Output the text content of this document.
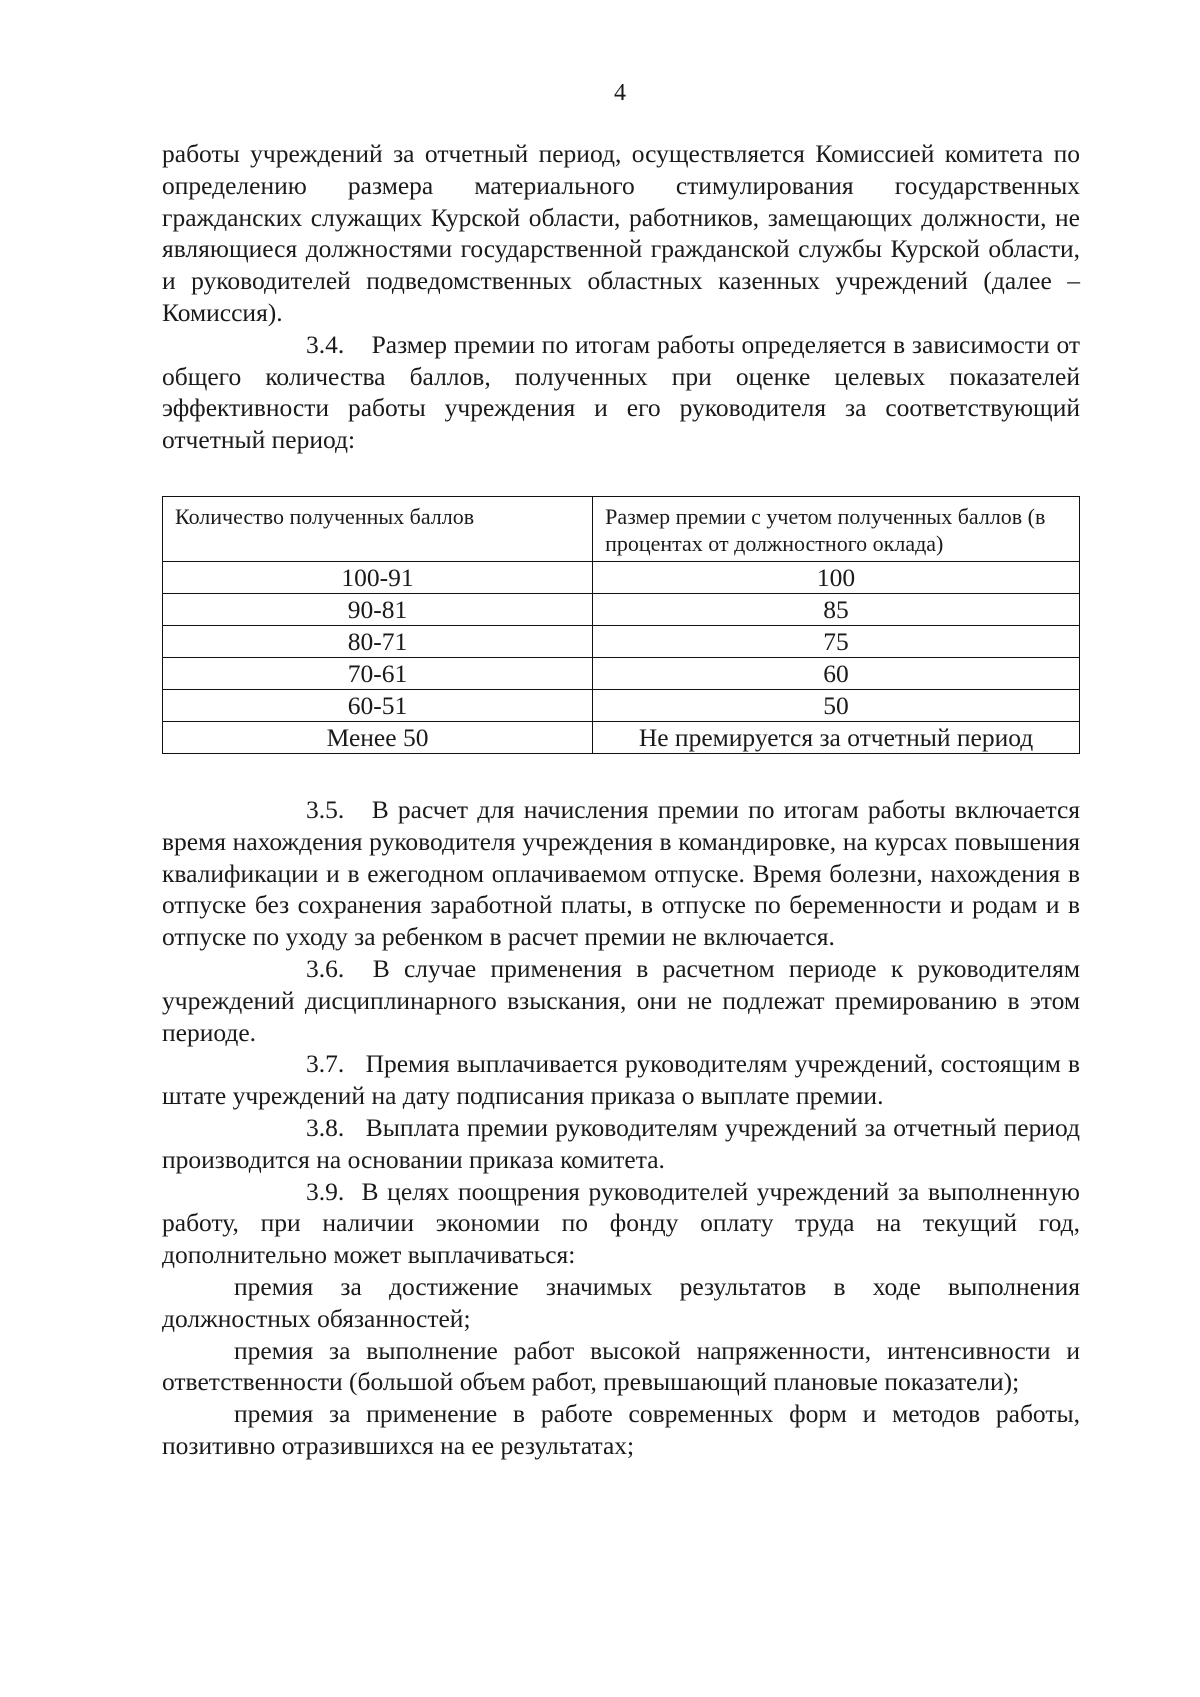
4

работы учреждений за отчетный период, осуществляется Комиссией комитета по определению размера материального стимулирования государственных гражданских служащих Курской области, работников, замещающих должности, не являющиеся должностями государственной гражданской службы Курской области, и руководителей подведомственных областных казенных учреждений (далее – Комиссия).

3.4. Размер премии по итогам работы определяется в зависимости от общего количества баллов, полученных при оценке целевых показателей эффективности работы учреждения и его руководителя за соответствующий отчетный период:

Количество полученных баллов	Размер премии с учетом полученных баллов (в процентах от должностного оклада)
100-91	100
90-81	85
80-71	75
70-61	60
60-51	50
Менее 50	Не премируется за отчетный период

3.5. В расчет для начисления премии по итогам работы включается время нахождения руководителя учреждения в командировке, на курсах повышения квалификации и в ежегодном оплачиваемом отпуске. Время болезни, нахождения в отпуске без сохранения заработной платы, в отпуске по беременности и родам и в отпуске по уходу за ребенком в расчет премии не включается.

3.6. В случае применения в расчетном периоде к руководителям учреждений дисциплинарного взыскания, они не подлежат премированию в этом периоде.

3.7. Премия выплачивается руководителям учреждений, состоящим в штате учреждений на дату подписания приказа о выплате премии.

3.8. Выплата премии руководителям учреждений за отчетный период производится на основании приказа комитета.

3.9. В целях поощрения руководителей учреждений за выполненную работу, при наличии экономии по фонду оплату труда на текущий год, дополнительно может выплачиваться:

премия за достижение значимых результатов в ходе выполнения должностных обязанностей;

премия за выполнение работ высокой напряженности, интенсивности и ответственности (большой объем работ, превышающий плановые показатели);

премия за применение в работе современных форм и методов работы, позитивно отразившихся на ее результатах;
